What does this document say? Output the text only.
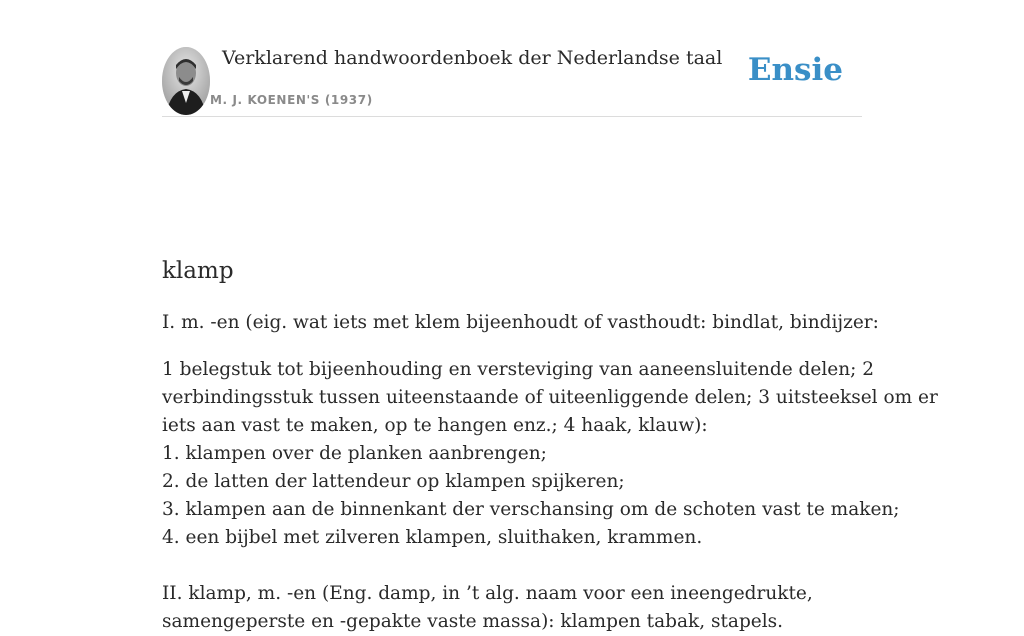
Verklarend handwoordenboek der Nederlandse taal
M. J. KOENEN'S (1937)
Ensie
klamp
I. m. -en (eig. wat iets met klem bijeenhoudt of vasthoudt: bindlat, bindijzer:
1 belegstuk tot bijeenhouding en versteviging van aaneensluitende delen; 2
verbindingsstuk tussen uiteenstaande of uiteenliggende delen; 3 uitsteeksel om er
iets aan vast te maken, op te hangen enz.; 4 haak, klauw):
1. klampen over de planken aanbrengen;
2. de latten der lattendeur op klampen spijkeren;
3. klampen aan de binnenkant der verschansing om de schoten vast te maken;
4. een bijbel met zilveren klampen, sluithaken, krammen.
II. klamp, m. -en (Eng. damp, in ’t alg. naam voor een ineengedrukte,
samengeperste en -gepakte vaste massa): klampen tabak, stapels.
